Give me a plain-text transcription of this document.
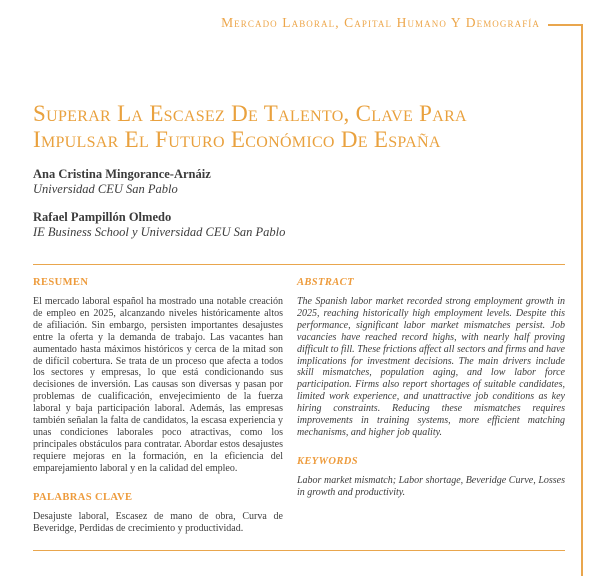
Mercado Laboral, Capital Humano Y Demografía
Superar La Escasez De Talento, Clave Para Impulsar El Futuro Económico De España
Ana Cristina Mingorance-Arnáiz
Universidad CEU San Pablo
Rafael Pampillón Olmedo
IE Business School y Universidad CEU San Pablo
RESUMEN

El mercado laboral español ha mostrado una notable creación de empleo en 2025, alcanzando niveles históricamente altos de afiliación. Sin embargo, persisten importantes desajustes entre la oferta y la demanda de trabajo. Las vacantes han aumentado hasta máximos históricos y cerca de la mitad son de difícil cobertura. Se trata de un proceso que afecta a todos los sectores y empresas, lo que está condicionando sus decisiones de inversión. Las causas son diversas y pasan por problemas de cualificación, envejecimiento de la fuerza laboral y baja participación laboral. Además, las empresas también señalan la falta de candidatos, la escasa experiencia y unas condiciones laborales poco atractivas, como los principales obstáculos para contratar. Abordar estos desajustes requiere mejoras en la formación, en la eficiencia del emparejamiento laboral y en la calidad del empleo.

PALABRAS CLAVE

Desajuste laboral, Escasez de mano de obra, Curva de Beveridge, Perdidas de crecimiento y productividad.

ABSTRACT

The Spanish labor market recorded strong employment growth in 2025, reaching historically high employment levels. Despite this performance, significant labor market mismatches persist. Job vacancies have reached record highs, with nearly half proving difficult to fill. These frictions affect all sectors and firms and have implications for investment decisions. The main drivers include skill mismatches, population aging, and low labor force participation. Firms also report shortages of suitable candidates, limited work experience, and unattractive job conditions as key hiring constraints. Reducing these mismatches requires improvements in training systems, more efficient matching mechanisms, and higher job quality.

KEYWORDS

Labor market mismatch; Labor shortage, Beveridge Curve, Losses in growth and productivity.
